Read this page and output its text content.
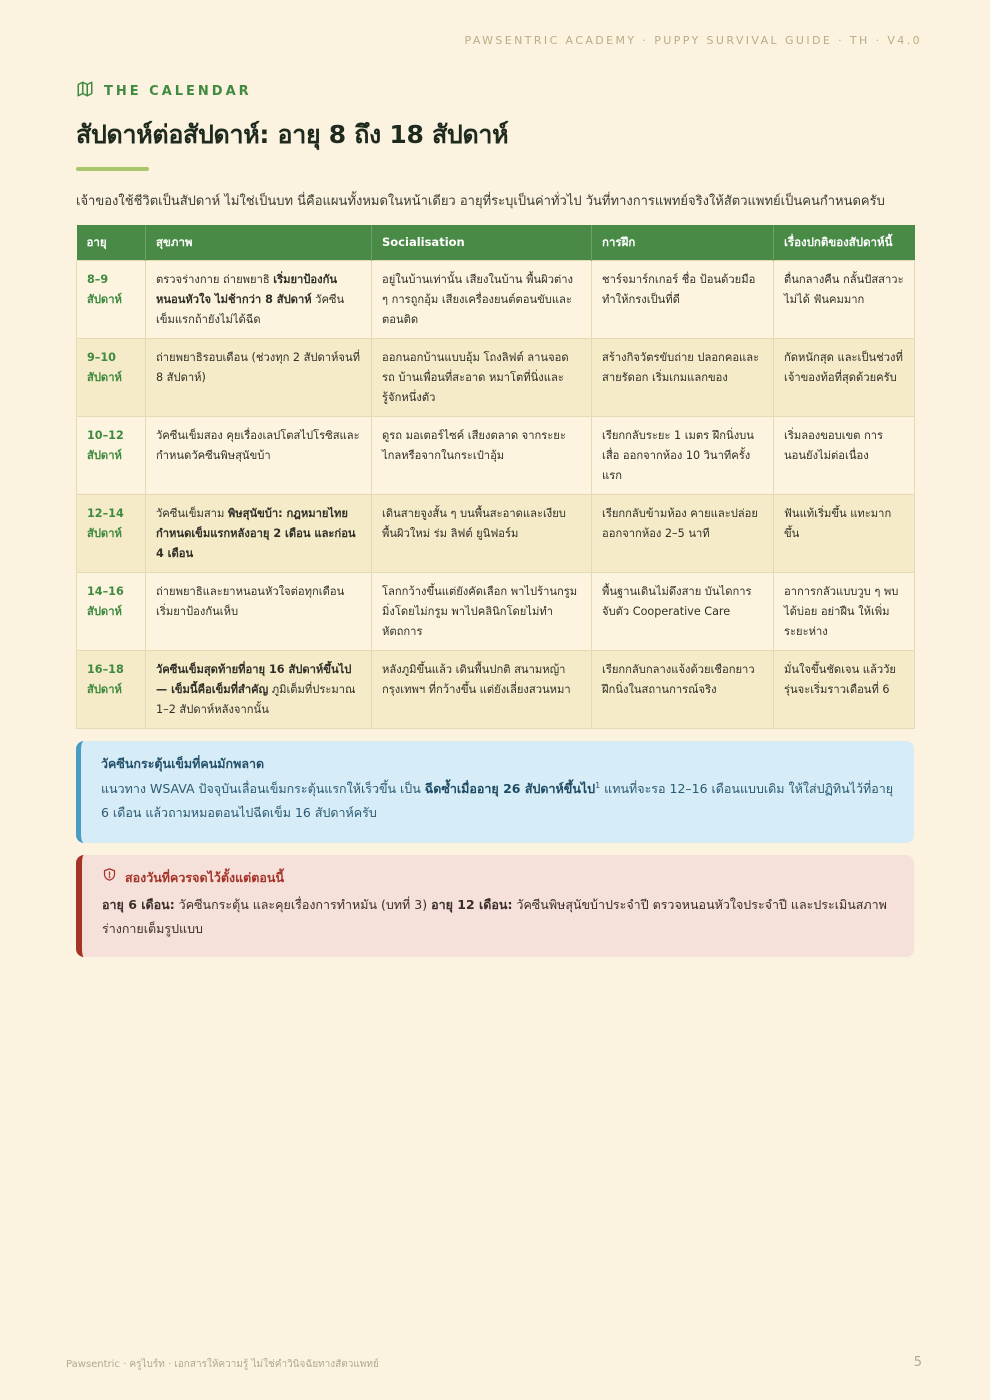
PAWSENTRIC ACADEMY · PUPPY SURVIVAL GUIDE · TH · V4.0
THE CALENDAR
สัปดาห์ต่อสัปดาห์: อายุ 8 ถึง 18 สัปดาห์

เจ้าของใช้ชีวิตเป็นสัปดาห์ ไม่ใช่เป็นบท นี่คือแผนทั้งหมดในหน้าเดียว อายุที่ระบุเป็นค่าทั่วไป วันที่ทางการแพทย์จริงให้สัตวแพทย์เป็นคนกำหนดครับ

อายุ	สุขภาพ	Socialisation	การฝึก	เรื่องปกติของสัปดาห์นี้
8–9 สัปดาห์	ตรวจร่างกาย ถ่ายพยาธิ เริ่มยาป้องกันหนอนหัวใจ ไม่ช้ากว่า 8 สัปดาห์ วัคซีนเข็มแรกถ้ายังไม่ได้ฉีด	อยู่ในบ้านเท่านั้น เสียงในบ้าน พื้นผิวต่าง ๆ การถูกอุ้ม เสียงเครื่องยนต์ตอนขับและตอนติด	ชาร์จมาร์กเกอร์ ชื่อ ป้อนด้วยมือ ทำให้กรงเป็นที่ดี	ตื่นกลางคืน กลั้นปัสสาวะไม่ได้ ฟันคมมาก
9–10 สัปดาห์	ถ่ายพยาธิรอบเดือน (ช่วงทุก 2 สัปดาห์จนที่ 8 สัปดาห์)	ออกนอกบ้านแบบอุ้ม โถงลิฟต์ ลานจอดรถ บ้านเพื่อนที่สะอาด หมาโตที่นิ่งและรู้จักหนึ่งตัว	สร้างกิจวัตรขับถ่าย ปลอกคอและสายรัดอก เริ่มเกมแลกของ	กัดหนักสุด และเป็นช่วงที่เจ้าของท้อที่สุดด้วยครับ
10–12 สัปดาห์	วัคซีนเข็มสอง คุยเรื่องเลปโตสไปโรซิสและกำหนดวัคซีนพิษสุนัขบ้า	ดูรถ มอเตอร์ไซค์ เสียงตลาด จากระยะไกลหรือจากในกระเป๋าอุ้ม	เรียกกลับระยะ 1 เมตร ฝึกนิ่งบนเสื่อ ออกจากห้อง 10 วินาทีครั้งแรก	เริ่มลองขอบเขต การนอนยังไม่ต่อเนื่อง
12–14 สัปดาห์	วัคซีนเข็มสาม พิษสุนัขบ้า: กฎหมายไทยกำหนดเข็มแรกหลังอายุ 2 เดือน และก่อน 4 เดือน	เดินสายจูงสั้น ๆ บนพื้นสะอาดและเงียบ พื้นผิวใหม่ ร่ม ลิฟต์ ยูนิฟอร์ม	เรียกกลับข้ามห้อง คายและปล่อย ออกจากห้อง 2–5 นาที	ฟันแท้เริ่มขึ้น แทะมากขึ้น
14–16 สัปดาห์	ถ่ายพยาธิและยาหนอนหัวใจต่อทุกเดือน เริ่มยาป้องกันเห็บ	โลกกว้างขึ้นแต่ยังคัดเลือก พาไปร้านกรูมมิ่งโดยไม่กรูม พาไปคลินิกโดยไม่ทำหัตถการ	พื้นฐานเดินไม่ดึงสาย บันไดการจับตัว Cooperative Care	อาการกลัวแบบวูบ ๆ พบได้บ่อย อย่าฝืน ให้เพิ่มระยะห่าง
16–18 สัปดาห์	วัคซีนเข็มสุดท้ายที่อายุ 16 สัปดาห์ขึ้นไป — เข็มนี้คือเข็มที่สำคัญ ภูมิเต็มที่ประมาณ 1–2 สัปดาห์หลังจากนั้น	หลังภูมิขึ้นแล้ว เดินพื้นปกติ สนามหญ้ากรุงเทพฯ ที่กว้างขึ้น แต่ยังเลี่ยงสวนหมา	เรียกกลับกลางแจ้งด้วยเชือกยาว ฝึกนิ่งในสถานการณ์จริง	มั่นใจขึ้นชัดเจน แล้ววัยรุ่นจะเริ่มราวเดือนที่ 6
วัคซีนกระตุ้นเข็มที่คนมักพลาด
แนวทาง WSAVA ปัจจุบันเลื่อนเข็มกระตุ้นแรกให้เร็วขึ้น เป็น ฉีดซ้ำเมื่ออายุ 26 สัปดาห์ขึ้นไป$^1$ แทนที่จะรอ 12–16 เดือนแบบเดิม ให้ใส่ปฏิทินไว้ที่อายุ 6 เดือน แล้วถามหมอตอนไปฉีดเข็ม 16 สัปดาห์ครับ
สองวันที่ควรจดไว้ตั้งแต่ตอนนี้
อายุ 6 เดือน: วัคซีนกระตุ้น และคุยเรื่องการทำหมัน (บทที่ 3) อายุ 12 เดือน: วัคซีนพิษสุนัขบ้าประจำปี ตรวจหนอนหัวใจประจำปี และประเมินสภาพร่างกายเต็มรูปแบบ
Pawsentric · ครูไบร์ท · เอกสารให้ความรู้ ไม่ใช่คำวินิจฉัยทางสัตวแพทย์	5
